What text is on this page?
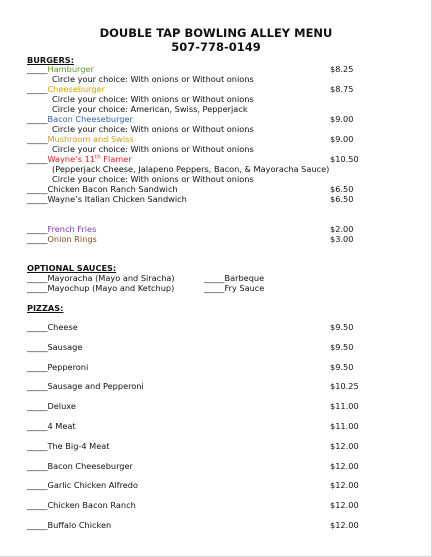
DOUBLE TAP BOWLING ALLEY MENU
507-778-0149
BURGERS:
_____Hamburger	$8.25
Circle your choice: With onions or Without onions
_____Cheeseburger	$8.75
Circle your choice: With onions or Without onions
Circle your choice: American, Swiss, Pepperjack
_____Bacon Cheeseburger	$9.00
Circle your choice: With onions or Without onions
_____Mushroom and Swiss	$9.00
Circle your choice: With onions or Without onions
_____Wayne’s 11th Flamer	$10.50
(Pepperjack Cheese, Jalapeno Peppers, Bacon, & Mayoracha Sauce)
Circle your choice: With onions or Without onions
_____Chicken Bacon Ranch Sandwich	$6.50
_____Wayne’s Italian Chicken Sandwich	$6.50
_____French Fries	$2.00
_____Onion Rings	$3.00
OPTIONAL SAUCES:
_____Mayoracha (Mayo and Siracha)
_____Mayochup (Mayo and Ketchup)
_____Barbeque
_____Fry Sauce
PIZZAS:
_____Cheese	$9.50
_____Sausage	$9.50
_____Pepperoni	$9.50
_____Sausage and Pepperoni	$10.25
_____Deluxe	$11.00
_____4 Meat	$11.00
_____The Big-4 Meat	$12.00
_____Bacon Cheeseburger	$12.00
_____Garlic Chicken Alfredo	$12.00
_____Chicken Bacon Ranch	$12.00
_____Buffalo Chicken	$12.00
